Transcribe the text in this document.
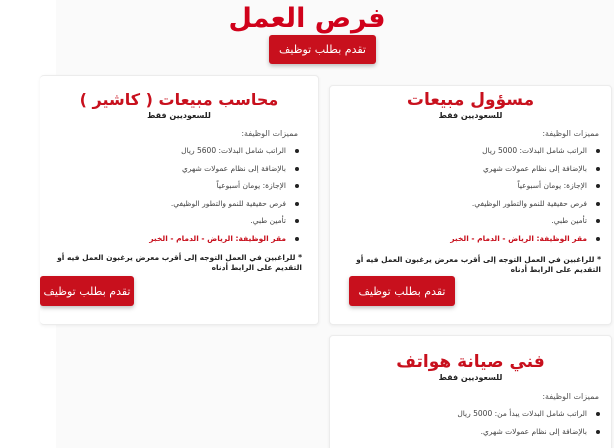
فرص العمل
تقدم بطلب توظيف
مسؤول مبيعات
للسعوديين فقط
مميزات الوظيفة:
الراتب شامل البدلات: 5000 ريال
بالإضافة إلى نظام عمولات شهري
الإجازة: يومان أسبوعياً
فرص حقيقية للنمو والتطور الوظيفي.
تأمين طبي.
مقر الوظيفة: الرياض - الدمام - الخبر
* للراغبين في العمل التوجه إلى أقرب معرض يرغبون العمل فيه أو التقديم على الرابط أدناه
تقدم بطلب توظيف
محاسب مبيعات ( كاشير )
للسعوديين فقط
مميزات الوظيفة:
الراتب شامل البدلات: 5600 ريال
بالإضافة إلى نظام عمولات شهري
الإجازة: يومان أسبوعياً
فرص حقيقية للنمو والتطور الوظيفي.
تأمين طبي.
مقر الوظيفة: الرياض - الدمام - الخبر
* للراغبين في العمل التوجه إلى أقرب معرض يرغبون العمل فيه أو التقديم على الرابط أدناه
تقدم بطلب توظيف
فني صيانة هواتف
للسعوديين فقط
مميزات الوظيفة:
الراتب شامل البدلات يبدأ من: 5000 ريال
بالإضافة إلى نظام عمولات شهري.
